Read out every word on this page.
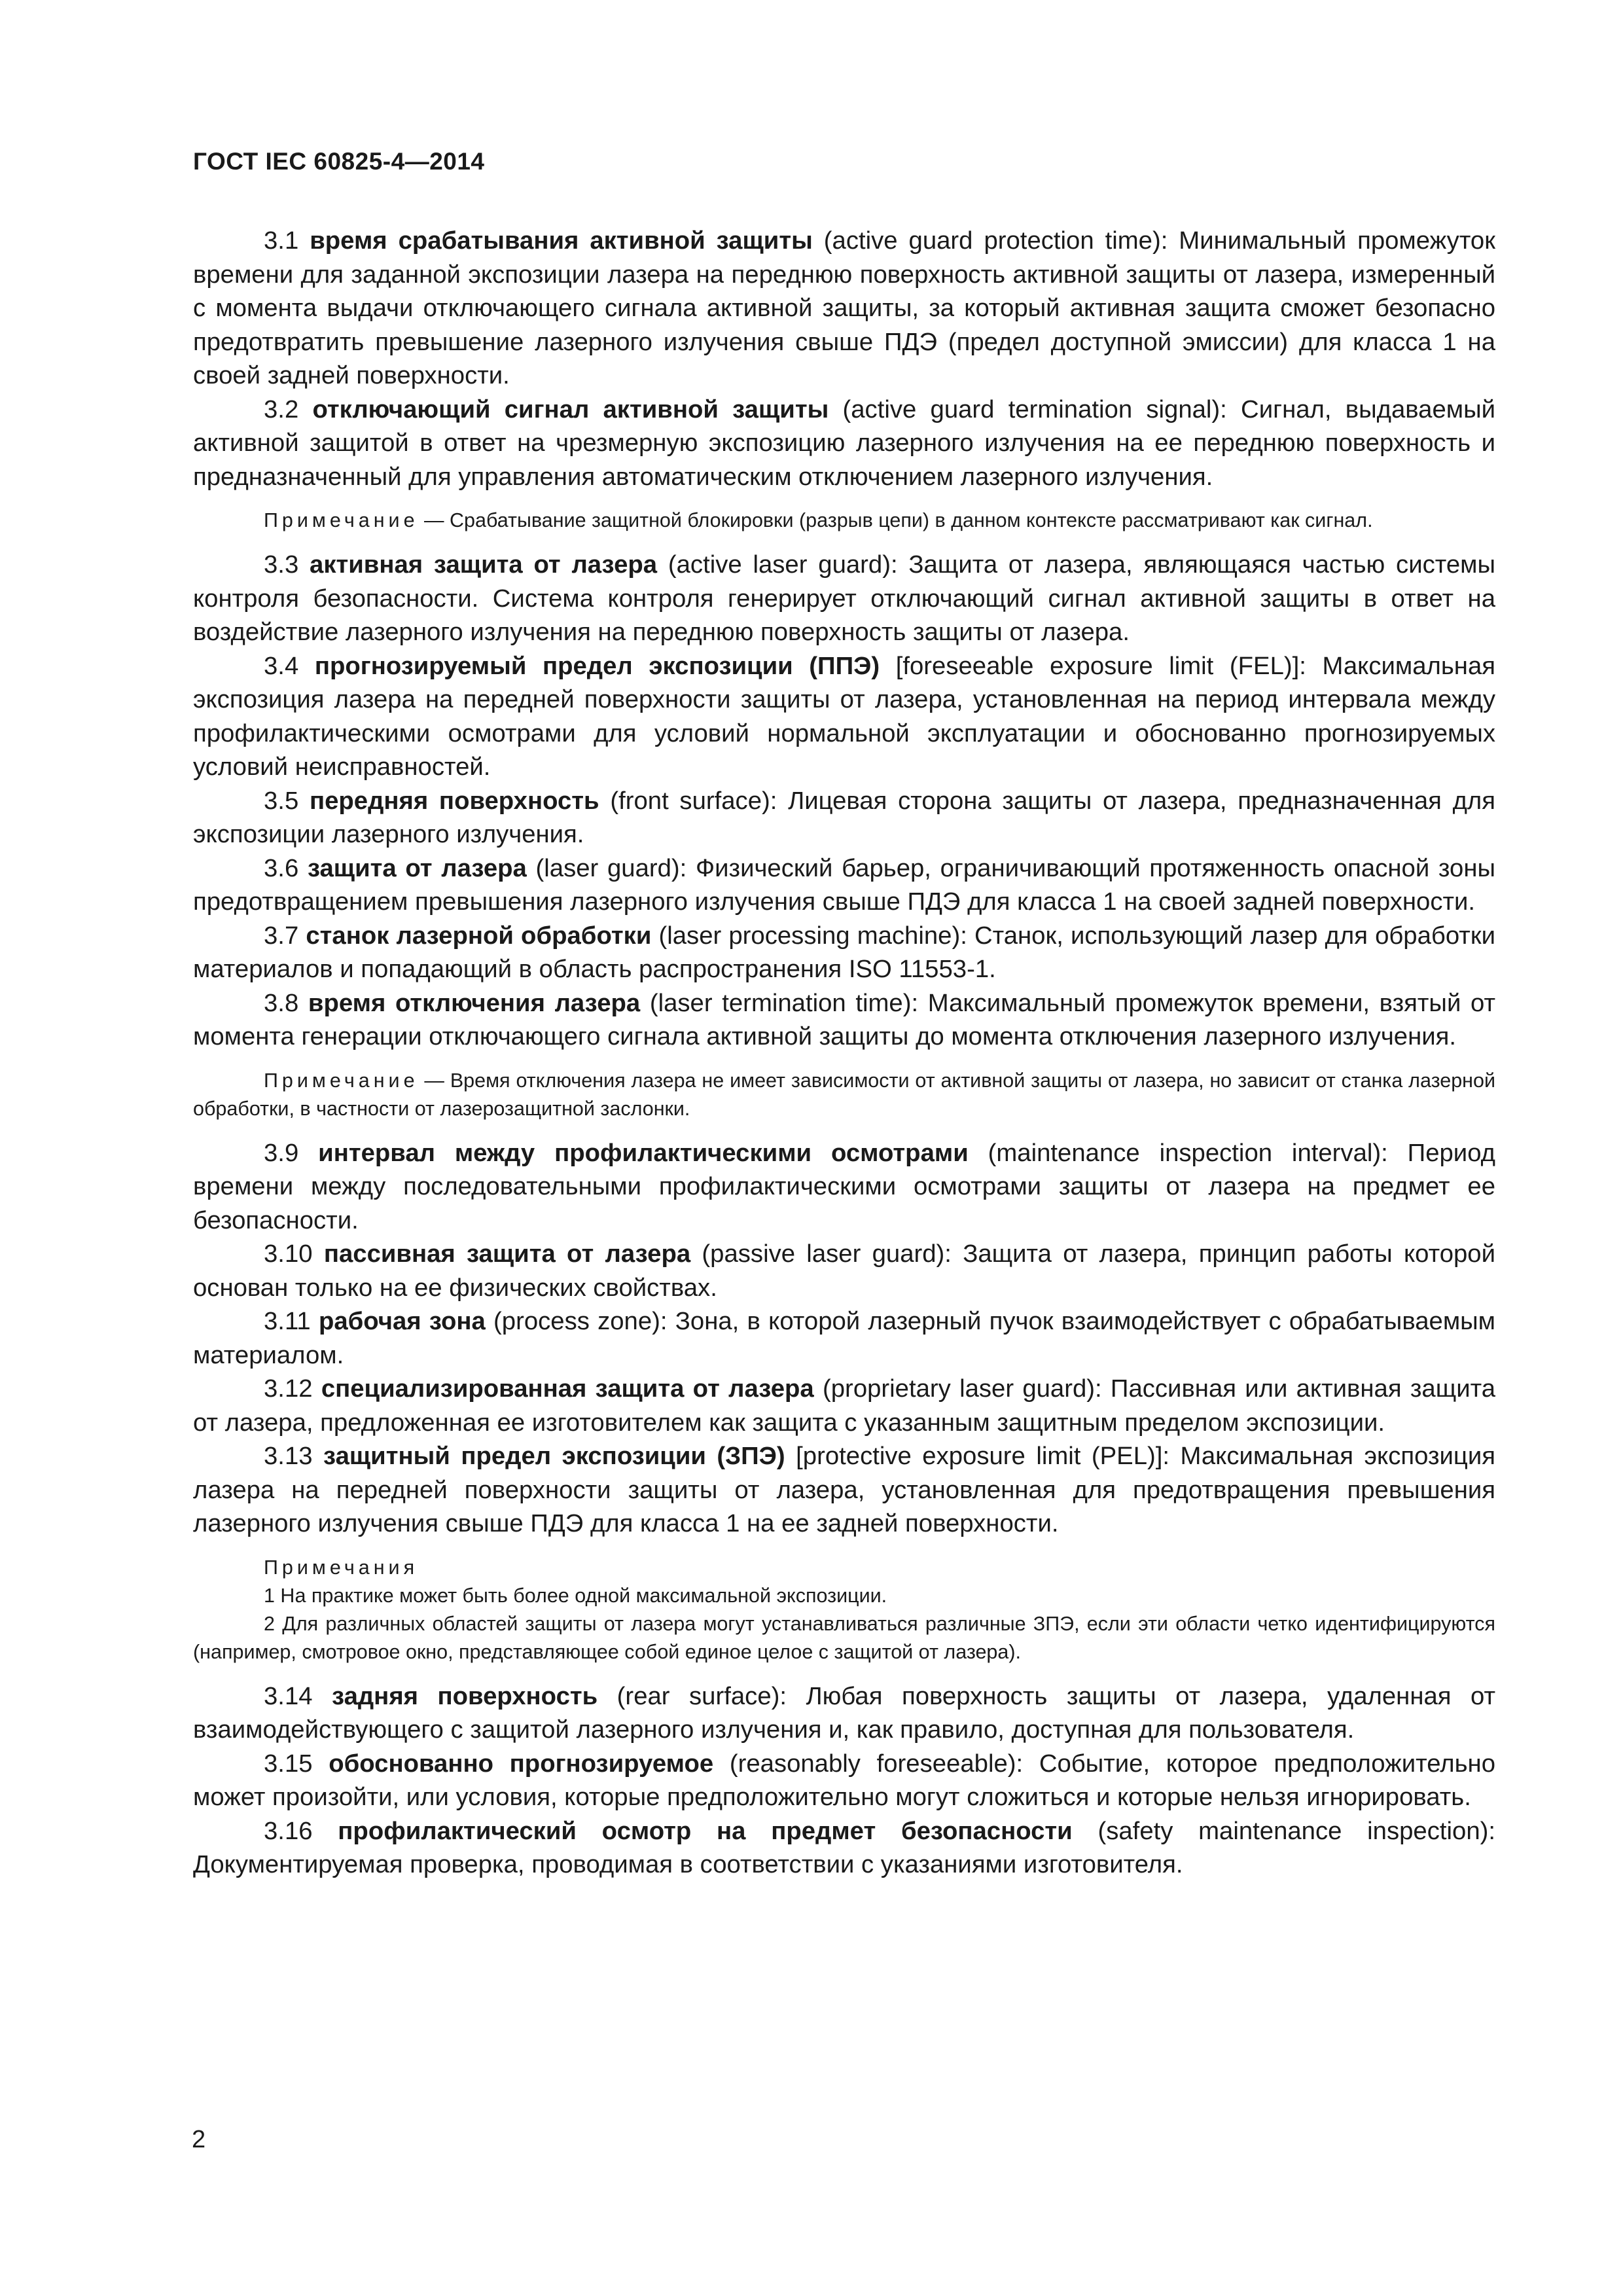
ГОСТ IEC 60825-4—2014

3.1 время срабатывания активной защиты (active guard protection time): Минимальный промежуток времени для заданной экспозиции лазера на переднюю поверхность активной защиты от лазера, измеренный с момента выдачи отключающего сигнала активной защиты, за который активная защита сможет безопасно предотвратить превышение лазерного излучения свыше ПДЭ (предел доступной эмиссии) для класса 1 на своей задней поверхности.

3.2 отключающий сигнал активной защиты (active guard termination signal): Сигнал, выдаваемый активной защитой в ответ на чрезмерную экспозицию лазерного излучения на ее переднюю поверхность и предназначенный для управления автоматическим отключением лазерного излучения.

Примечание — Срабатывание защитной блокировки (разрыв цепи) в данном контексте рассматривают как сигнал.

3.3 активная защита от лазера (active laser guard): Защита от лазера, являющаяся частью системы контроля безопасности. Система контроля генерирует отключающий сигнал активной защиты в ответ на воздействие лазерного излучения на переднюю поверхность защиты от лазера.

3.4 прогнозируемый предел экспозиции (ППЭ) [foreseeable exposure limit (FEL)]: Максимальная экспозиция лазера на передней поверхности защиты от лазера, установленная на период интервала между профилактическими осмотрами для условий нормальной эксплуатации и обоснованно прогнозируемых условий неисправностей.

3.5 передняя поверхность (front surface): Лицевая сторона защиты от лазера, предназначенная для экспозиции лазерного излучения.

3.6 защита от лазера (laser guard): Физический барьер, ограничивающий протяженность опасной зоны предотвращением превышения лазерного излучения свыше ПДЭ для класса 1 на своей задней поверхности.

3.7 станок лазерной обработки (laser processing machine): Станок, использующий лазер для обработки материалов и попадающий в область распространения ISO 11553-1.

3.8 время отключения лазера (laser termination time): Максимальный промежуток времени, взятый от момента генерации отключающего сигнала активной защиты до момента отключения лазерного излучения.

Примечание — Время отключения лазера не имеет зависимости от активной защиты от лазера, но зависит от станка лазерной обработки, в частности от лазерозащитной заслонки.

3.9 интервал между профилактическими осмотрами (maintenance inspection interval): Период времени между последовательными профилактическими осмотрами защиты от лазера на предмет ее безопасности.

3.10 пассивная защита от лазера (passive laser guard): Защита от лазера, принцип работы которой основан только на ее физических свойствах.

3.11 рабочая зона (process zone): Зона, в которой лазерный пучок взаимодействует с обрабатываемым материалом.

3.12 специализированная защита от лазера (proprietary laser guard): Пассивная или активная защита от лазера, предложенная ее изготовителем как защита с указанным защитным пределом экспозиции.

3.13 защитный предел экспозиции (ЗПЭ) [protective exposure limit (PEL)]: Максимальная экспозиция лазера на передней поверхности защиты от лазера, установленная для предотвращения превышения лазерного излучения свыше ПДЭ для класса 1 на ее задней поверхности.

Примечания

1 На практике может быть более одной максимальной экспозиции.

2 Для различных областей защиты от лазера могут устанавливаться различные ЗПЭ, если эти области четко идентифицируются (например, смотровое окно, представляющее собой единое целое с защитой от лазера).

3.14 задняя поверхность (rear surface): Любая поверхность защиты от лазера, удаленная от взаимодействующего с защитой лазерного излучения и, как правило, доступная для пользователя.

3.15 обоснованно прогнозируемое (reasonably foreseeable): Событие, которое предположительно может произойти, или условия, которые предположительно могут сложиться и которые нельзя игнорировать.

3.16 профилактический осмотр на предмет безопасности (safety maintenance inspection): Документируемая проверка, проводимая в соответствии с указаниями изготовителя.

2
